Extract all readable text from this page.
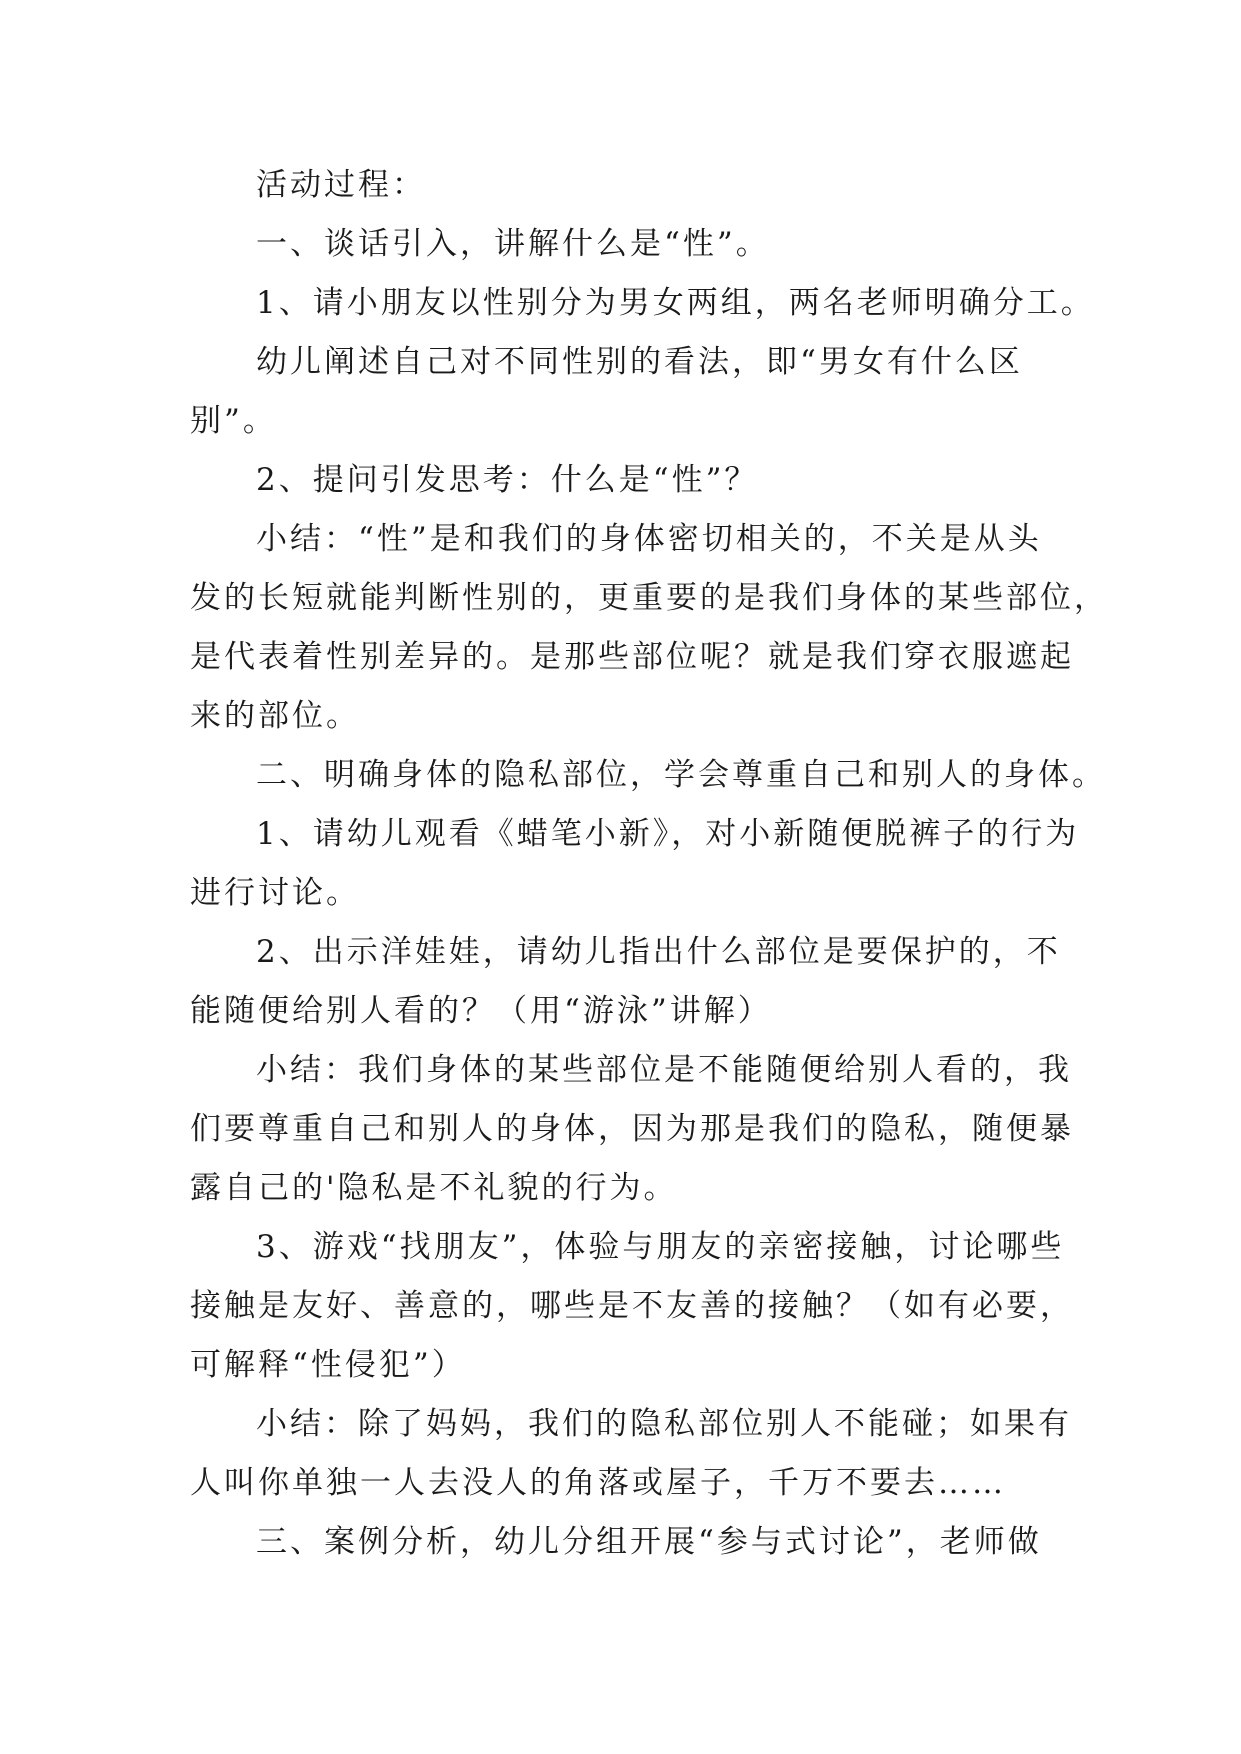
活动过程：
一、谈话引入，讲解什么是“性”。
1、请小朋友以性别分为男女两组，两名老师明确分工。
幼儿阐述自己对不同性别的看法，即“男女有什么区
别”。
2、提问引发思考：什么是“性”？
小结：“性”是和我们的身体密切相关的，不关是从头
发的长短就能判断性别的，更重要的是我们身体的某些部位，
是代表着性别差异的。是那些部位呢？就是我们穿衣服遮起
来的部位。
二、明确身体的隐私部位，学会尊重自己和别人的身体。
1、请幼儿观看《蜡笔小新》，对小新随便脱裤子的行为
进行讨论。
2、出示洋娃娃，请幼儿指出什么部位是要保护的，不
能随便给别人看的？（用“游泳”讲解）
小结：我们身体的某些部位是不能随便给别人看的，我
们要尊重自己和别人的身体，因为那是我们的隐私，随便暴
露自己的'隐私是不礼貌的行为。
3、游戏“找朋友”，体验与朋友的亲密接触，讨论哪些
接触是友好、善意的，哪些是不友善的接触？（如有必要，
可解释“性侵犯”）
小结：除了妈妈，我们的隐私部位别人不能碰；如果有
人叫你单独一人去没人的角落或屋子，千万不要去……
三、案例分析，幼儿分组开展“参与式讨论”，老师做
